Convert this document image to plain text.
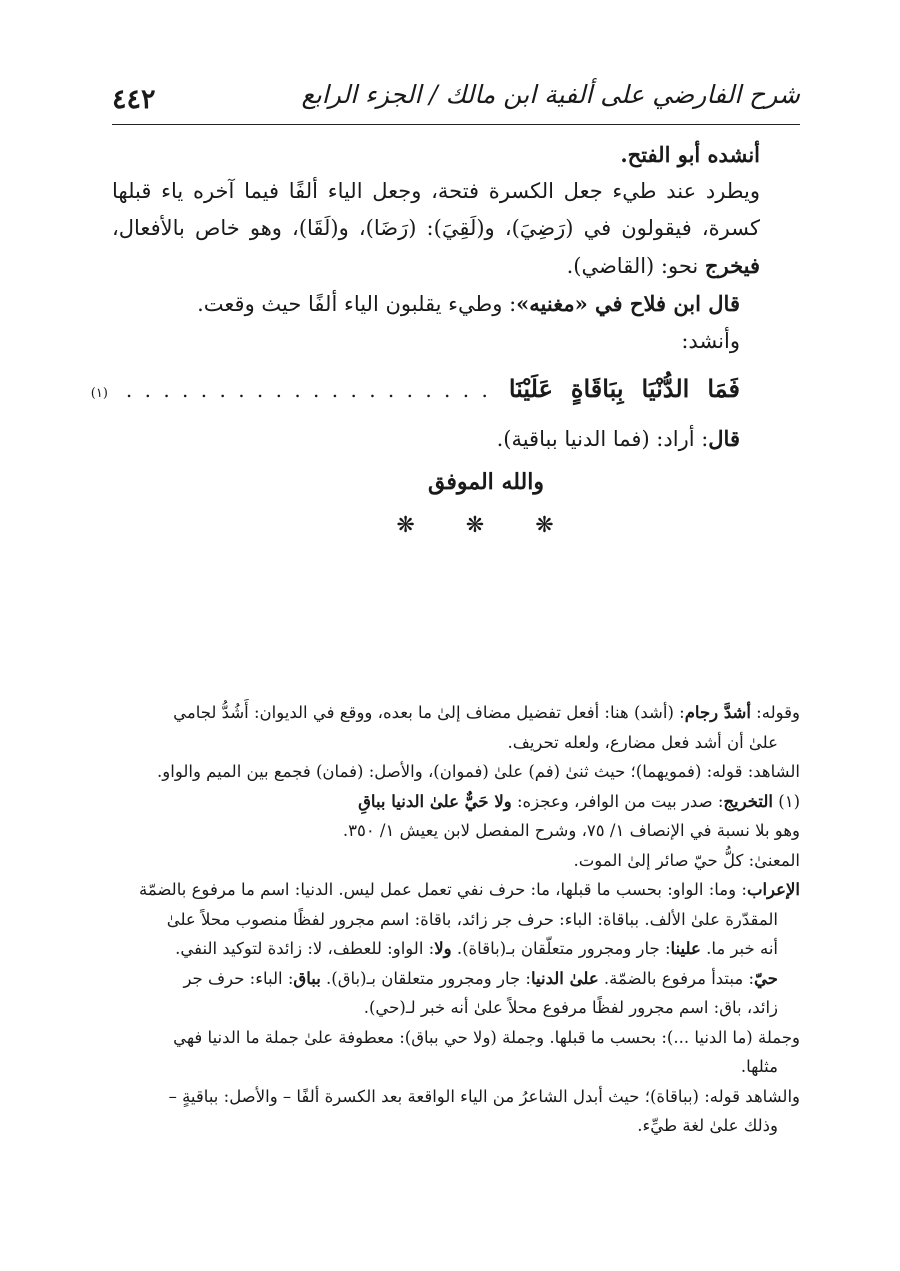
٤٤٢	شرح الفارضي على ألفية ابن مالك / الجزء الرابع

أنشده أبو الفتح.

ويطرد عند طيء جعل الكسرة فتحة، وجعل الياء ألفًا فيما آخره ياء قبلها كسرة، فيقولون في (رَضِيَ)، و(لَقِيَ): (رَضَا)، و(لَقَا)، وهو خاص بالأفعال، فيخرج نحو: (القاضي).

قال ابن فلاح في «مغنيه»: وطيء يقلبون الياء ألفًا حيث وقعت.

وأنشد:

فَمَا
الدُّنْيَا
بِبَاقَاةٍ
عَلَيْنَا
. . . . . . . . . . . . . . . . . . . .
(١)

قال: أراد: (فما الدنيا بباقية).

والله الموفق
❋ ❋ ❋

وقوله: أشدَّ رجام: (أشد) هنا: أفعل تفضيل مضاف إلىٰ ما بعده، ووقع في الديوان: أَشُدُّ لجامي

علىٰ أن أشد فعل مضارع، ولعله تحريف.

الشاهد: قوله: (فمويهما)؛ حيث ثنىٰ (فم) علىٰ (فموان)، والأصل: (فمان) فجمع بين الميم والواو.

(١) التخريج: صدر بيت من الوافر، وعجزه: ولا حَيٌّ علىٰ الدنيا بباقِ

وهو بلا نسبة في الإنصاف ١/ ٧٥، وشرح المفصل لابن يعيش ١/ ٣٥٠.

المعنىٰ: كلُّ حيّ صائر إلىٰ الموت.

الإعراب: وما: الواو: بحسب ما قبلها، ما: حرف نفي تعمل عمل ليس. الدنيا: اسم ما مرفوع بالضمّة

المقدّرة علىٰ الألف. بباقاة: الباء: حرف جر زائد، باقاة: اسم مجرور لفظًا منصوب محلاً علىٰ

أنه خبر ما. علينا: جار ومجرور متعلّقان بـ(باقاة). ولا: الواو: للعطف، لا: زائدة لتوكيد النفي.

حيّ: مبتدأ مرفوع بالضمّة. علىٰ الدنيا: جار ومجرور متعلقان بـ(باق). بباق: الباء: حرف جر

زائد، باق: اسم مجرور لفظًا مرفوع محلاً علىٰ أنه خبر لـ(حي).

وجملة (ما الدنيا ...): بحسب ما قبلها. وجملة (ولا حي بباق): معطوفة علىٰ جملة ما الدنيا فهي

مثلها.

والشاهد قوله: (بباقاة)؛ حيث أبدل الشاعرُ من الياء الواقعة بعد الكسرة ألفًا – والأصل: بباقيةٍ –

وذلك علىٰ لغة طيِّء.
